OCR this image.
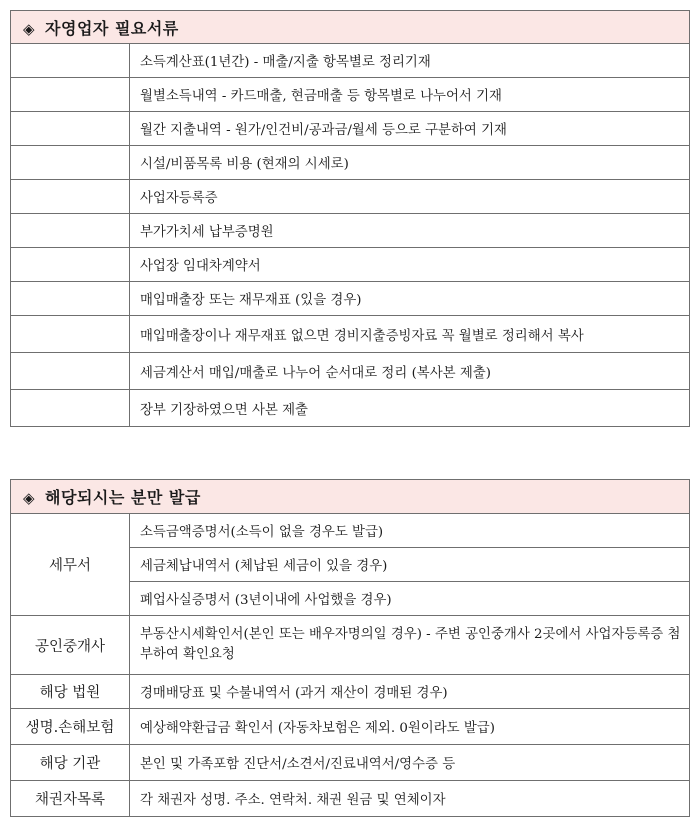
◈ 자영업자 필요서류	
	소득계산표(1년간) - 매출/지출 항목별로 정리기재
	월별소득내역 - 카드매출, 현금매출 등 항목별로 나누어서 기재
	월간 지출내역 - 원가/인건비/공과금/월세 등으로 구분하여 기재
	시설/비품목록 비용 (현재의 시세로)
	사업자등록증
	부가가치세 납부증명원
	사업장 임대차계약서
	매입매출장 또는 재무재표 (있을 경우)
	매입매출장이나 재무재표 없으면 경비지출증빙자료 꼭 월별로 정리해서 복사
	세금계산서 매입/매출로 나누어 순서대로 정리 (복사본 제출)
	장부 기장하였으면 사본 제출
◈ 해당되시는 분만 발급	
세무서	소득금액증명서(소득이 없을 경우도 발급)
	세금체납내역서 (체납된 세금이 있을 경우)
	폐업사실증명서 (3년이내에 사업했을 경우)
공인중개사	부동산시세확인서(본인 또는 배우자명의일 경우) - 주변 공인중개사 2곳에서 사업자등록증 첨부하여 확인요청
해당 법원	경매배당표 및 수불내역서 (과거 재산이 경매된 경우)
생명.손해보험	예상해약환급금 확인서 (자동차보험은 제외. 0원이라도 발급)
해당 기관	본인 및 가족포함 진단서/소견서/진료내역서/영수증 등
채권자목록	각 채권자 성명. 주소. 연락처. 채권 원금 및 연체이자
